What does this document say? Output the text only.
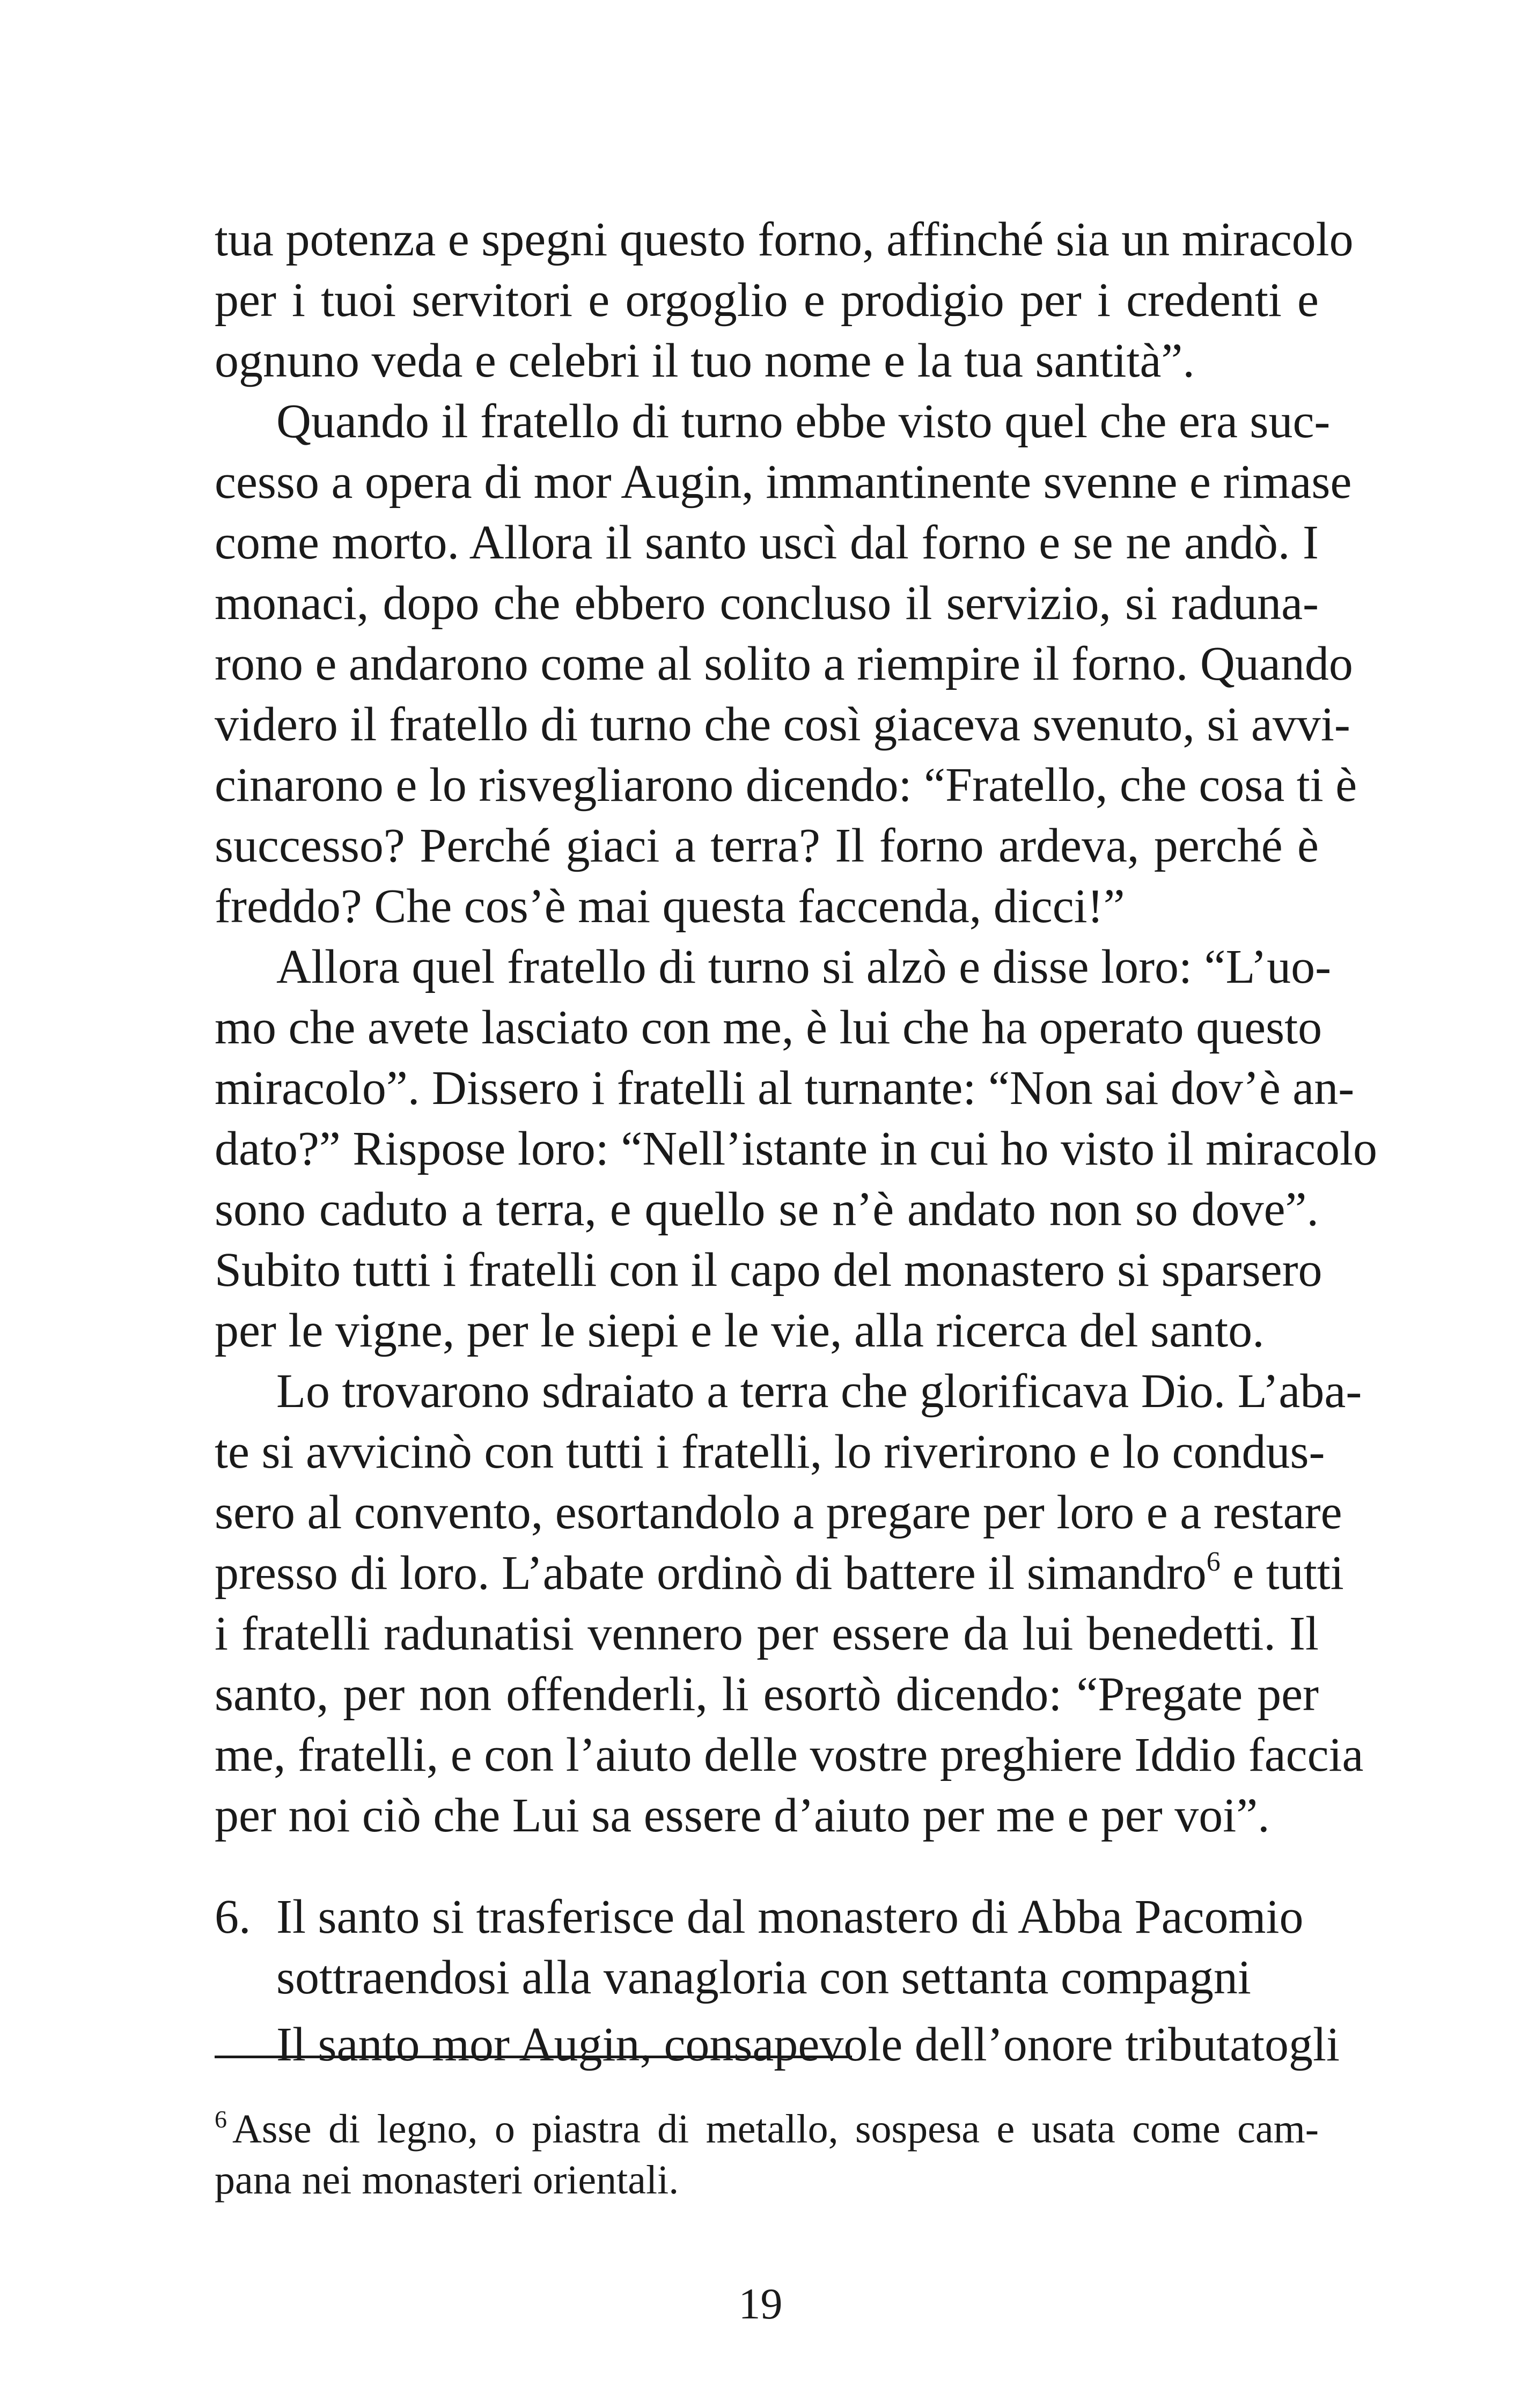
tua potenza e spegni questo forno, affinché sia un miracolo
per i tuoi servitori e orgoglio e prodigio per i credenti e
ognuno veda e celebri il tuo nome e la tua santità”.
Quando il fratello di turno ebbe visto quel che era suc-
cesso a opera di mor Augin, immantinente svenne e rimase
come morto. Allora il santo uscì dal forno e se ne andò. I
monaci, dopo che ebbero concluso il servizio, si raduna-
rono e andarono come al solito a riempire il forno. Quando
videro il fratello di turno che così giaceva svenuto, si avvi-
cinarono e lo risvegliarono dicendo: “Fratello, che cosa ti è
successo? Perché giaci a terra? Il forno ardeva, perché è
freddo? Che cos’è mai questa faccenda, dicci!”
Allora quel fratello di turno si alzò e disse loro: “L’uo-
mo che avete lasciato con me, è lui che ha operato questo
miracolo”. Dissero i fratelli al turnante: “Non sai dov’è an-
dato?” Rispose loro: “Nell’istante in cui ho visto il miracolo
sono caduto a terra, e quello se n’è andato non so dove”.
Subito tutti i fratelli con il capo del monastero si sparsero
per le vigne, per le siepi e le vie, alla ricerca del santo.
Lo trovarono sdraiato a terra che glorificava Dio. L’aba-
te si avvicinò con tutti i fratelli, lo riverirono e lo condus-
sero al convento, esortandolo a pregare per loro e a restare
presso di loro. L’abate ordinò di battere il simandro$^6$ e tutti
i fratelli radunatisi vennero per essere da lui benedetti. Il
santo, per non offenderli, li esortò dicendo: “Pregate per
me, fratelli, e con l’aiuto delle vostre preghiere Iddio faccia
per noi ciò che Lui sa essere d’aiuto per me e per voi”.
6. Il santo si trasferisce dal monastero di Abba Pacomio
sottraendosi alla vanagloria con settanta compagni
Il santo mor Augin, consapevole dell’onore tributatogli
$^6$ Asse di legno, o piastra di metallo, sospesa e usata come cam-
pana nei monasteri orientali.
19
